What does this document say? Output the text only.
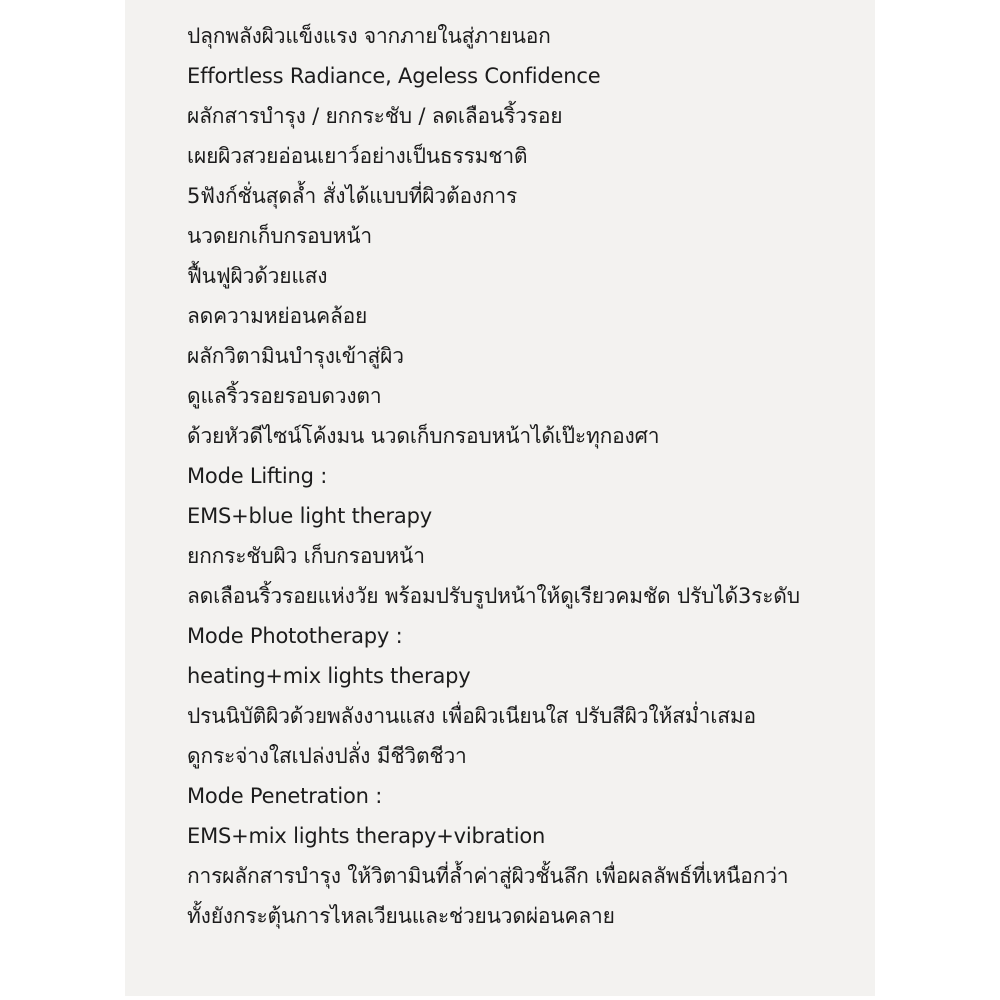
ปลุกพลังผิวแข็งแรง จากภายในสู่ภายนอก
Effortless Radiance, Ageless Confidence
ผลักสารบำรุง / ยกกระชับ / ลดเลือนริ้วรอย
เผยผิวสวยอ่อนเยาว์อย่างเป็นธรรมชาติ
5ฟังก์ชั่นสุดล้ำ สั่งได้แบบที่ผิวต้องการ
นวดยกเก็บกรอบหน้า
ฟื้นฟูผิวด้วยแสง
ลดความหย่อนคล้อย
ผลักวิตามินบำรุงเข้าสู่ผิว
ดูแลริ้วรอยรอบดวงตา
ด้วยหัวดีไซน์โค้งมน นวดเก็บกรอบหน้าได้เป๊ะทุกองศา
Mode Lifting :
EMS+blue light therapy
ยกกระชับผิว เก็บกรอบหน้า
ลดเลือนริ้วรอยแห่งวัย พร้อมปรับรูปหน้าให้ดูเรียวคมชัด ปรับได้3ระดับ
Mode Phototherapy :
heating+mix lights therapy
ปรนนิบัติผิวด้วยพลังงานแสง เพื่อผิวเนียนใส ปรับสีผิวให้สม่ำเสมอ
ดูกระจ่างใสเปล่งปลั่ง มีชีวิตชีวา
Mode Penetration :
EMS+mix lights therapy+vibration
การผลักสารบำรุง ให้วิตามินที่ล้ำค่าสู่ผิวชั้นลึก เพื่อผลลัพธ์ที่เหนือกว่า
ทั้งยังกระตุ้นการไหลเวียนและช่วยนวดผ่อนคลาย
